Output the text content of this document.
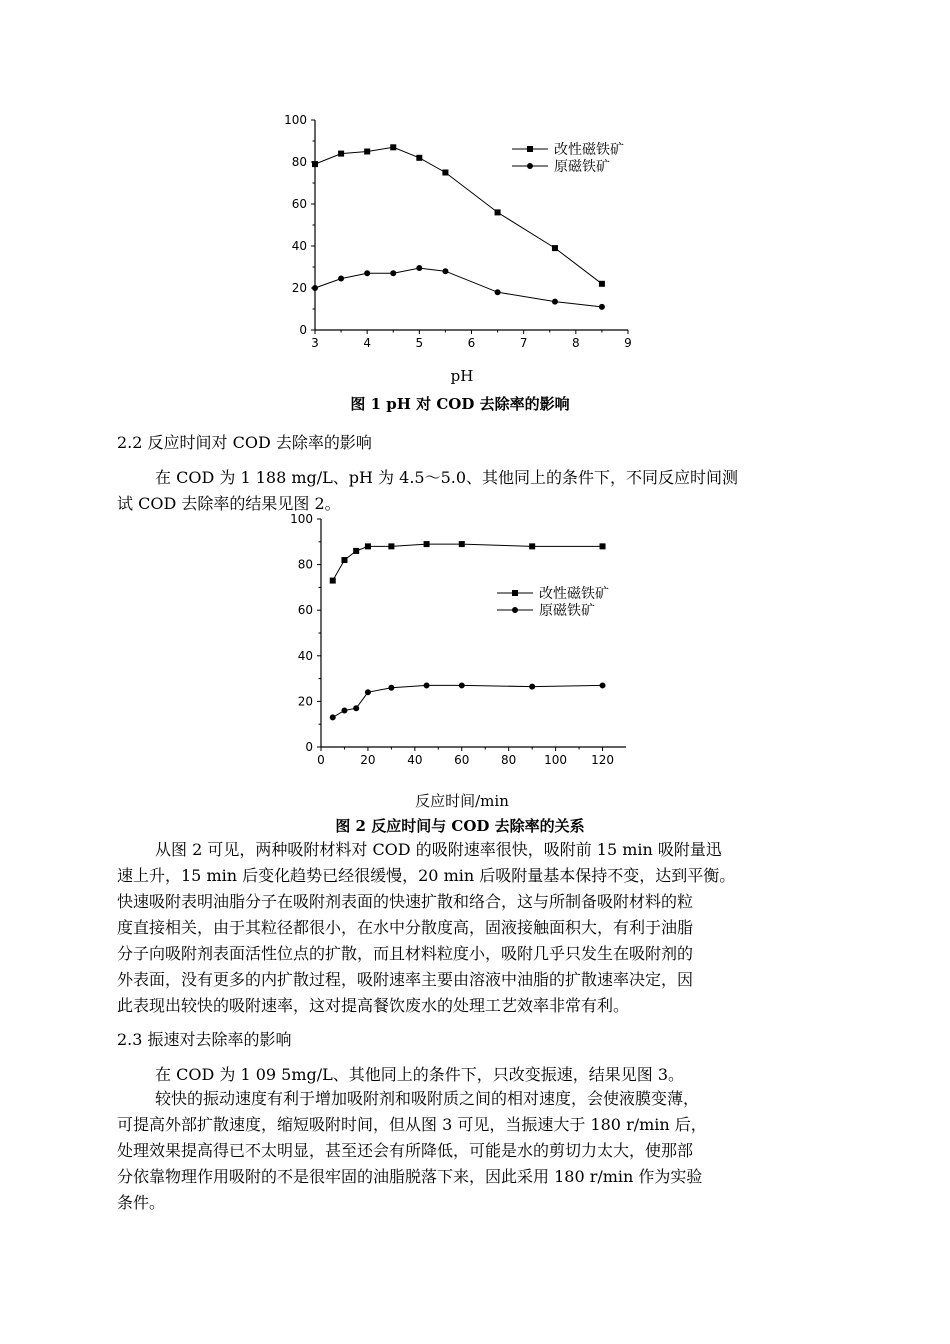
3	4	5	6	7	8	9
0
20
40
60
80
100
改性磁铁矿
原磁铁矿
pH
图 1 pH 对 COD 去除率的影响
2.2 反应时间对 COD 去除率的影响
在 COD 为 1 188 mg/L、pH 为 4.5～5.0、其他同上的条件下，不同反应时间测
试 COD 去除率的结果见图 2。
0	20	40	60	80 100 120
0
20
40
60
80
100
改性磁铁矿
原磁铁矿
反应时间/min
图 2 反应时间与 COD 去除率的关系
从图 2 可见，两种吸附材料对 COD 的吸附速率很快，吸附前 15 min 吸附量迅
速上升，15 min 后变化趋势已经很缓慢，20 min 后吸附量基本保持不变，达到平衡。
快速吸附表明油脂分子在吸附剂表面的快速扩散和络合，这与所制备吸附材料的粒
度直接相关，由于其粒径都很小，在水中分散度高，固液接触面积大，有利于油脂
分子向吸附剂表面活性位点的扩散，而且材料粒度小，吸附几乎只发生在吸附剂的
外表面，没有更多的内扩散过程，吸附速率主要由溶液中油脂的扩散速率决定，因
此表现出较快的吸附速率，这对提高餐饮废水的处理工艺效率非常有利。
2.3 振速对去除率的影响
在 COD 为 1 09 5mg/L、其他同上的条件下，只改变振速，结果见图 3。
较快的振动速度有利于增加吸附剂和吸附质之间的相对速度，会使液膜变薄，
可提高外部扩散速度，缩短吸附时间，但从图 3 可见，当振速大于 180 r/min 后，
处理效果提高得已不太明显，甚至还会有所降低，可能是水的剪切力太大，使那部
分依靠物理作用吸附的不是很牢固的油脂脱落下来，因此采用 180 r/min 作为实验
条件。
